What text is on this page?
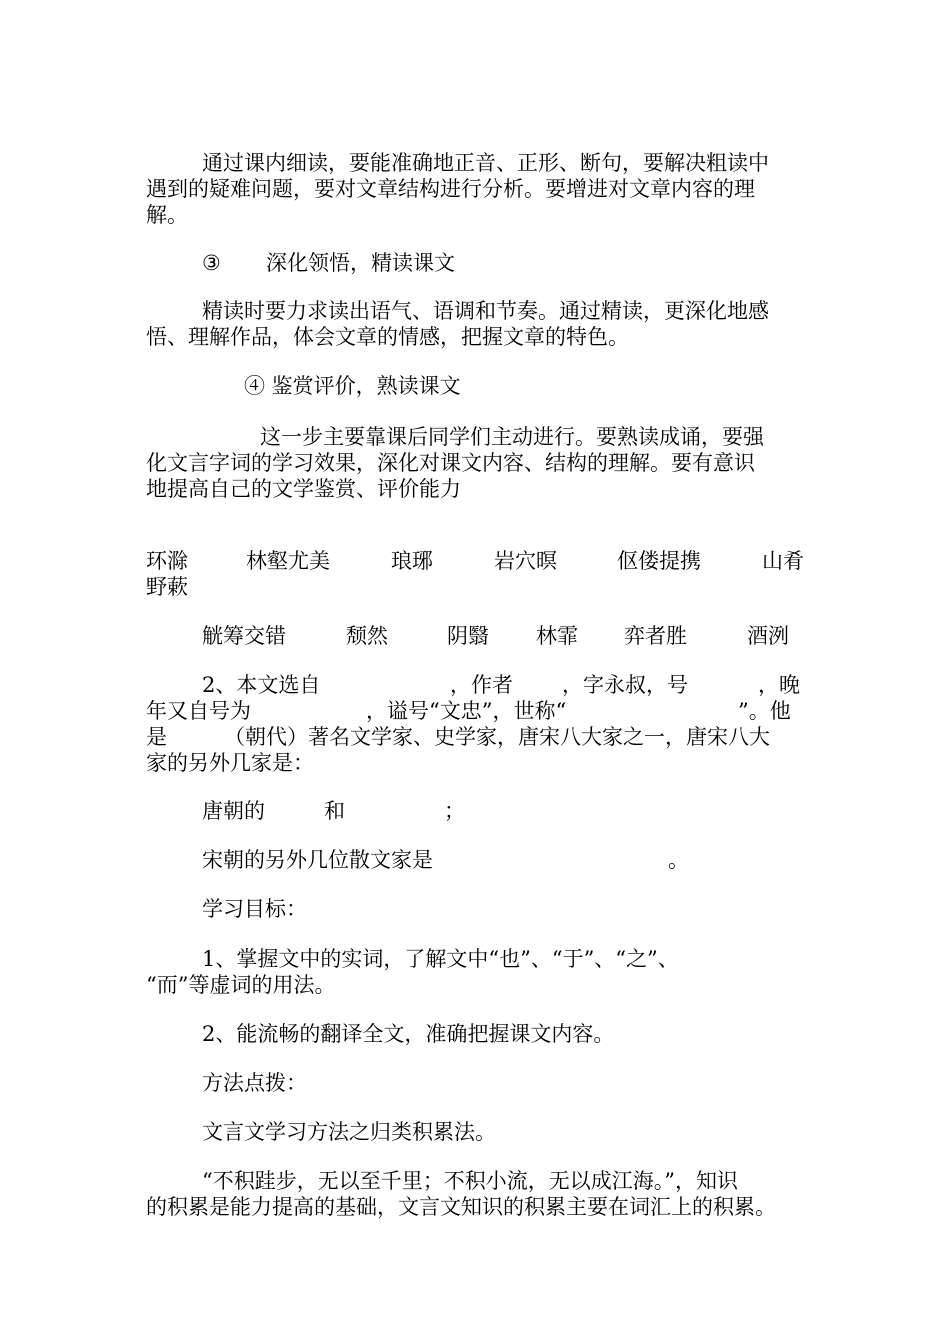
通过课内细读，要能准确地正音、正形、断句，要解决粗读中
遇到的疑难问题，要对文章结构进行分析。要增进对文章内容的理
解。
③ 深化领悟，精读课文
精读时要力求读出语气、语调和节奏。通过精读，更深化地感
悟、理解作品，体会文章的情感，把握文章的特色。
④ 鉴赏评价，熟读课文
这一步主要靠课后同学们主动进行。要熟读成诵，要强
化文言字词的学习效果，深化对课文内容、结构的理解。要有意识
地提高自己的文学鉴赏、评价能力
环滁	林壑尤美	琅琊	岩穴暝	伛偻提携	山肴
野蔌
觥筹交错	颓然	阴翳 林霏 弈者胜	酒洌
2、本文选自	，作者 ，字永叔，号	，晚
年又自号为	，谥号“文忠”，世称“	”。他
是	（朝代）著名文学家、史学家，唐宋八大家之一，唐宋八大
家的另外几家是：
唐朝的	和	；
宋朝的另外几位散文家是	。
学习目标：
1、掌握文中的实词，了解文中“也”、“于”、“之”、
“而”等虚词的用法。
2、能流畅的翻译全文，准确把握课文内容。
方法点拨：
文言文学习方法之归类积累法。
“不积跬步，无以至千里；不积小流，无以成江海。”，知识
的积累是能力提高的基础，文言文知识的积累主要在词汇上的积累。
